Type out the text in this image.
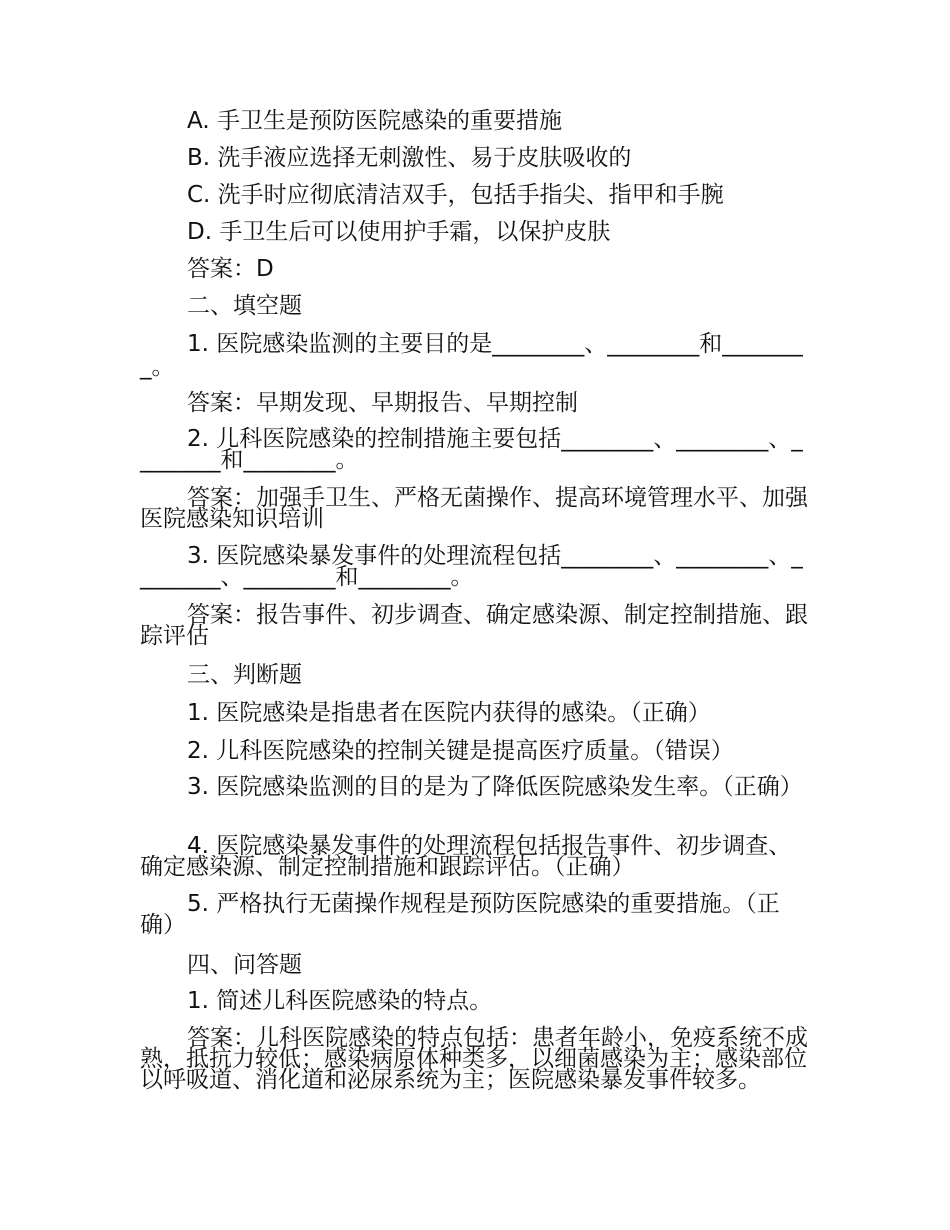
A. 手卫生是预防医院感染的重要措施

B. 洗手液应选择无刺激性、易于皮肤吸收的

C. 洗手时应彻底清洁双手，包括手指尖、指甲和手腕

D. 手卫生后可以使用护手霜，以保护皮肤

答案：D

二、填空题

1. 医院感染监测的主要目的是________、________和________。

答案：早期发现、早期报告、早期控制

2. 儿科医院感染的控制措施主要包括________、________、________和________。

答案：加强手卫生、严格无菌操作、提高环境管理水平、加强医院感染知识培训

3. 医院感染暴发事件的处理流程包括________、________、________、________和________。

答案：报告事件、初步调查、确定感染源、制定控制措施、跟踪评估

三、判断题

1. 医院感染是指患者在医院内获得的感染。（正确）

2. 儿科医院感染的控制关键是提高医疗质量。（错误）

3. 医院感染监测的目的是为了降低医院感染发生率。（正确）

4. 医院感染暴发事件的处理流程包括报告事件、初步调查、确定感染源、制定控制措施和跟踪评估。（正确）

5. 严格执行无菌操作规程是预防医院感染的重要措施。（正确）

四、问答题

1. 简述儿科医院感染的特点。

答案：儿科医院感染的特点包括：患者年龄小，免疫系统不成熟，抵抗力较低；感染病原体种类多，以细菌感染为主；感染部位以呼吸道、消化道和泌尿系统为主；医院感染暴发事件较多。
